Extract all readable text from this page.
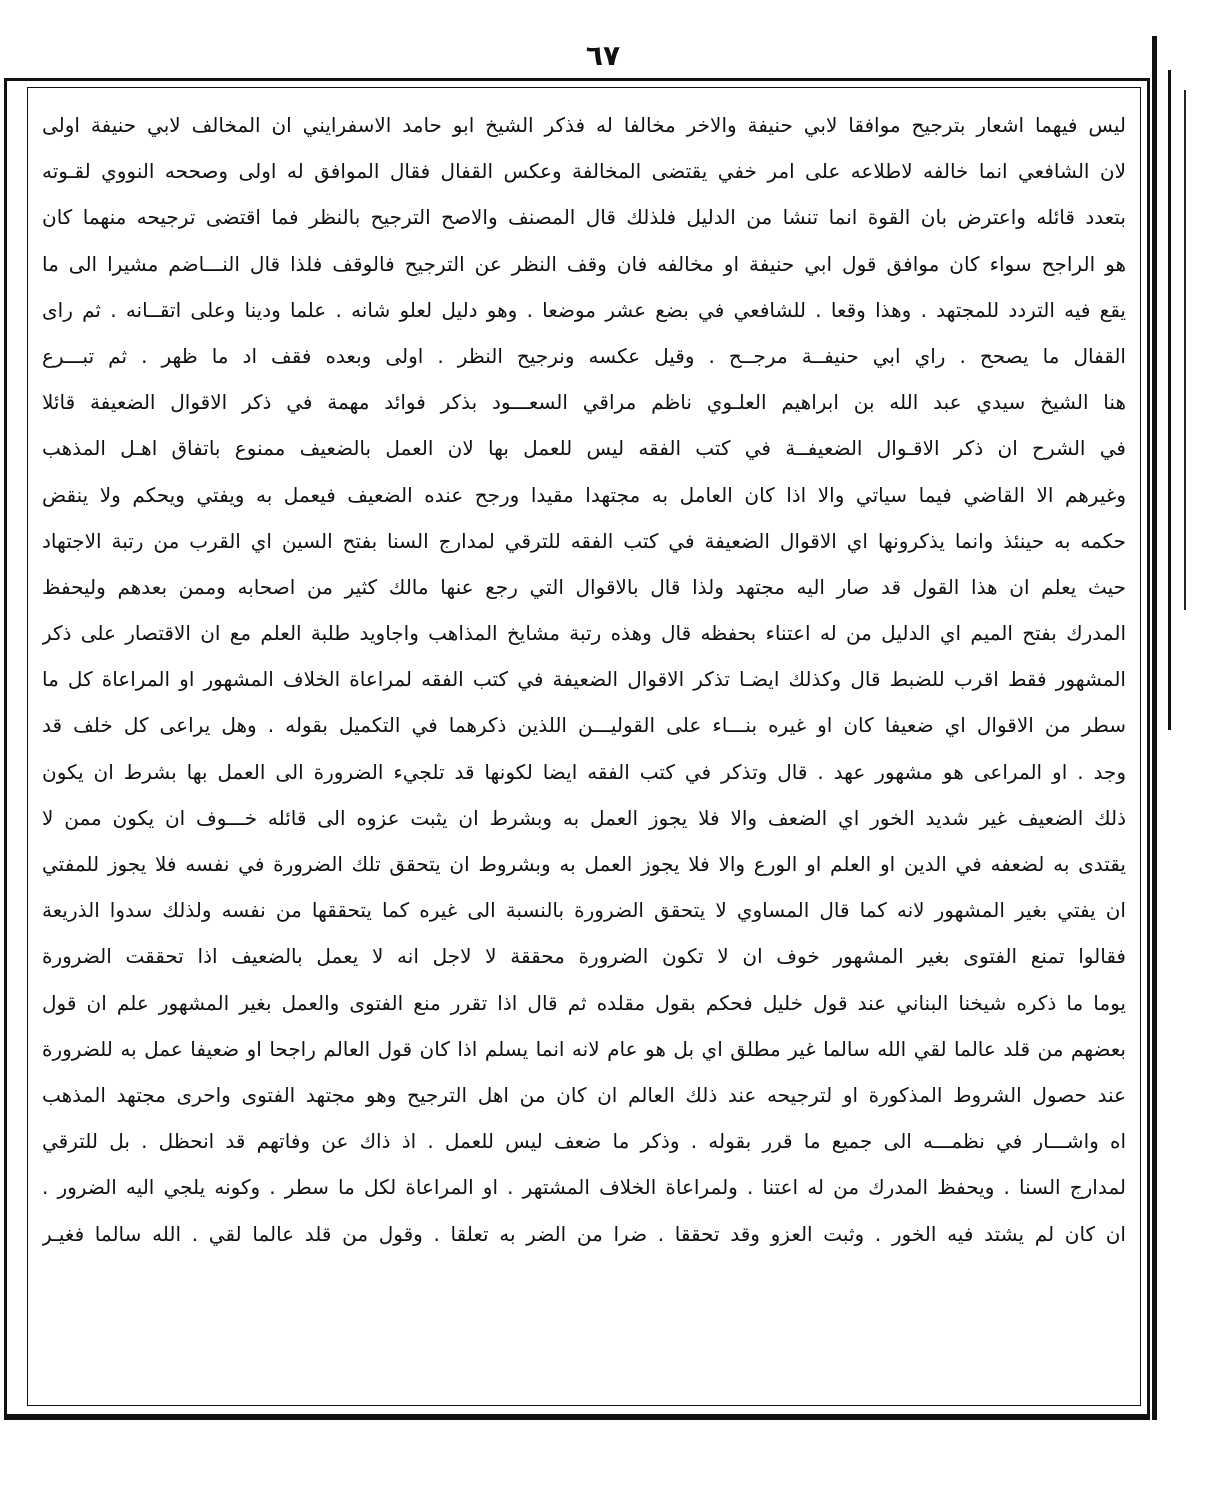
٦٧
ليس فيهما اشعار بترجيح موافقا لابي حنيفة والاخر مخالفا له فذكر الشيخ ابو حامد الاسفرايني ان المخالف لابي حنيفة اولى
لان الشافعي انما خالفه لاطلاعه على امر خفي يقتضى المخالفة وعكس القفال فقال الموافق له اولى وصححه النووي لقـوته
بتعدد قائله واعترض بان القوة انما تنشا من الدليل فلذلك قال المصنف والاصح الترجيح بالنظر فما اقتضى ترجيحه منهما كان
هو الراجح سواء كان موافق قول ابي حنيفة او مخالفه فان وقف النظر عن الترجيح فالوقف فلذا قال النـــاضم مشيرا الى ما
يقع فيه التردد للمجتهد . وهذا وقعا . للشافعي في بضع عشر موضعا . وهو دليل لعلو شانه . علما ودينا وعلى اتقــانه . ثم راى
القفال ما يصحح . راي ابي حنيفــة مرجــح . وقيل عكسه ونرجيح النظر . اولى وبعده فقف اد ما ظهر . ثم تبـــرع
هنا الشيخ سيدي عبد الله بن ابراهيم العلـوي ناظم مراقي السعـــود بذكر فوائد مهمة في ذكر الاقوال الضعيفة قائلا
في الشرح ان ذكر الاقـوال الضعيفــة في كتب الفقه ليس للعمل بها لان العمل بالضعيف ممنوع باتفاق اهـل المذهب
وغيرهم الا القاضي فيما سياتي والا اذا كان العامل به مجتهدا مقيدا ورجح عنده الضعيف فيعمل به ويفتي ويحكم ولا ينقض
حكمه به حينئذ وانما يذكرونها اي الاقوال الضعيفة في كتب الفقه للترقي لمدارج السنا بفتح السين اي القرب من رتبة الاجتهاد
حيث يعلم ان هذا القول قد صار اليه مجتهد ولذا قال بالاقوال التي رجع عنها مالك كثير من اصحابه وممن بعدهم وليحفظ
المدرك بفتح الميم اي الدليل من له اعتناء بحفظه قال وهذه رتبة مشايخ المذاهب واجاويد طلبة العلم مع ان الاقتصار على ذكر
المشهور فقط اقرب للضبط قال وكذلك ايضـا تذكر الاقوال الضعيفة في كتب الفقه لمراعاة الخلاف المشهور او المراعاة كل ما
سطر من الاقوال اي ضعيفا كان او غيره بنـــاء على القوليـــن اللذين ذكرهما في التكميل بقوله . وهل يراعى كل خلف قد
وجد . او المراعى هو مشهور عهد . قال وتذكر في كتب الفقه ايضا لكونها قد تلجيء الضرورة الى العمل بها بشرط ان يكون
ذلك الضعيف غير شديد الخور اي الضعف والا فلا يجوز العمل به وبشرط ان يثبت عزوه الى قائله خـــوف ان يكون ممن لا
يقتدى به لضعفه في الدين او العلم او الورع والا فلا يجوز العمل به وبشروط ان يتحقق تلك الضرورة في نفسه فلا يجوز للمفتي
ان يفتي بغير المشهور لانه كما قال المساوي لا يتحقق الضرورة بالنسبة الى غيره كما يتحققها من نفسه ولذلك سدوا الذريعة
فقالوا تمنع الفتوى بغير المشهور خوف ان لا تكون الضرورة محققة لا لاجل انه لا يعمل بالضعيف اذا تحققت الضرورة
يوما ما ذكره شيخنا البناني عند قول خليل فحكم بقول مقلده ثم قال اذا تقرر منع الفتوى والعمل بغير المشهور علم ان قول
بعضهم من قلد عالما لقي الله سالما غير مطلق اي بل هو عام لانه انما يسلم اذا كان قول العالم راجحا او ضعيفا عمل به للضرورة
عند حصول الشروط المذكورة او لترجيحه عند ذلك العالم ان كان من اهل الترجيح وهو مجتهد الفتوى واحرى مجتهد المذهب
اه واشـــار في نظمـــه الى جميع ما قرر بقوله . وذكر ما ضعف ليس للعمل . اذ ذاك عن وفاتهم قد انحظل . بل للترقي
لمدارج السنا . ويحفظ المدرك من له اعتنا . ولمراعاة الخلاف المشتهر . او المراعاة لكل ما سطر . وكونه يلجي اليه الضرور .
ان كان لم يشتد فيه الخور . وثبت العزو وقد تحققا . ضرا من الضر به تعلقا . وقول من قلد عالما لقي . الله سالما فغيـر
